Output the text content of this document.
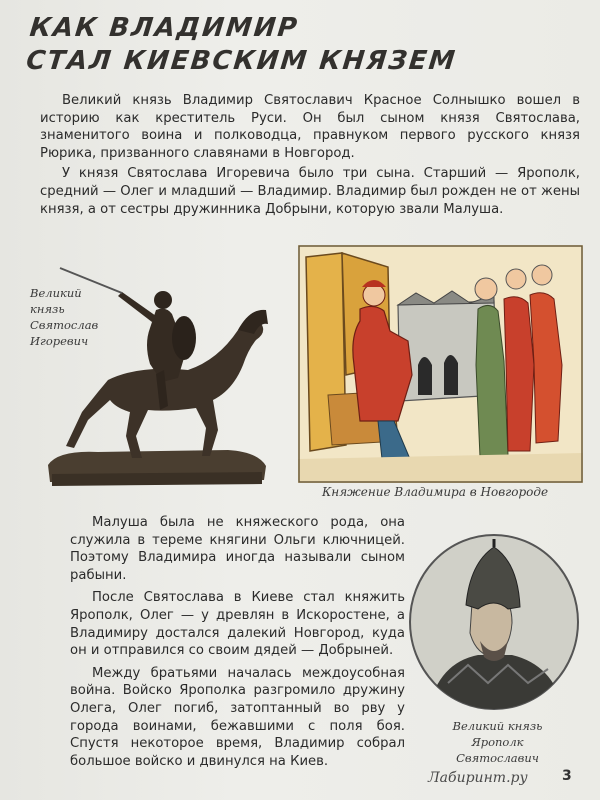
КАК ВЛАДИМИР
СТАЛ КИЕВСКИМ КНЯЗЕМ

Великий князь Владимир Святославич Красное Солнышко вошел в историю как креститель Руси. Он был сыном князя Святослава, знаменитого воина и полководца, правнуком первого русского князя Рюрика, призванного славянами в Новгород.

У князя Святослава Игоревича было три сына. Старший — Ярополк, средний — Олег и младший — Владимир. Владимир был рожден не от жены князя, а от сестры дружинника Добрыни, которую звали Малуша.

Великий
князь
Святослав
Игоревич
Княжение Владимира в Новгороде

Малуша была не княжеского рода, она служила в тереме княгини Ольги ключницей. Поэтому Владимира иногда называли сыном рабыни.

После Святослава в Киеве стал княжить Ярополк, Олег — у древлян в Искоростене, а Владимиру достался далекий Новгород, куда он и отправился со своим дядей — Добрыней.

Между братьями началась междоусобная война. Войско Ярополка разгромило дружину Олега, Олег погиб, затоптанный во рву у города воинами, бежавшими с поля боя. Спустя некоторое время, Владимир собрал большое войско и двинулся на Киев.

Великий князь
Ярополк
Святославич
Лабиринт.ру 3
